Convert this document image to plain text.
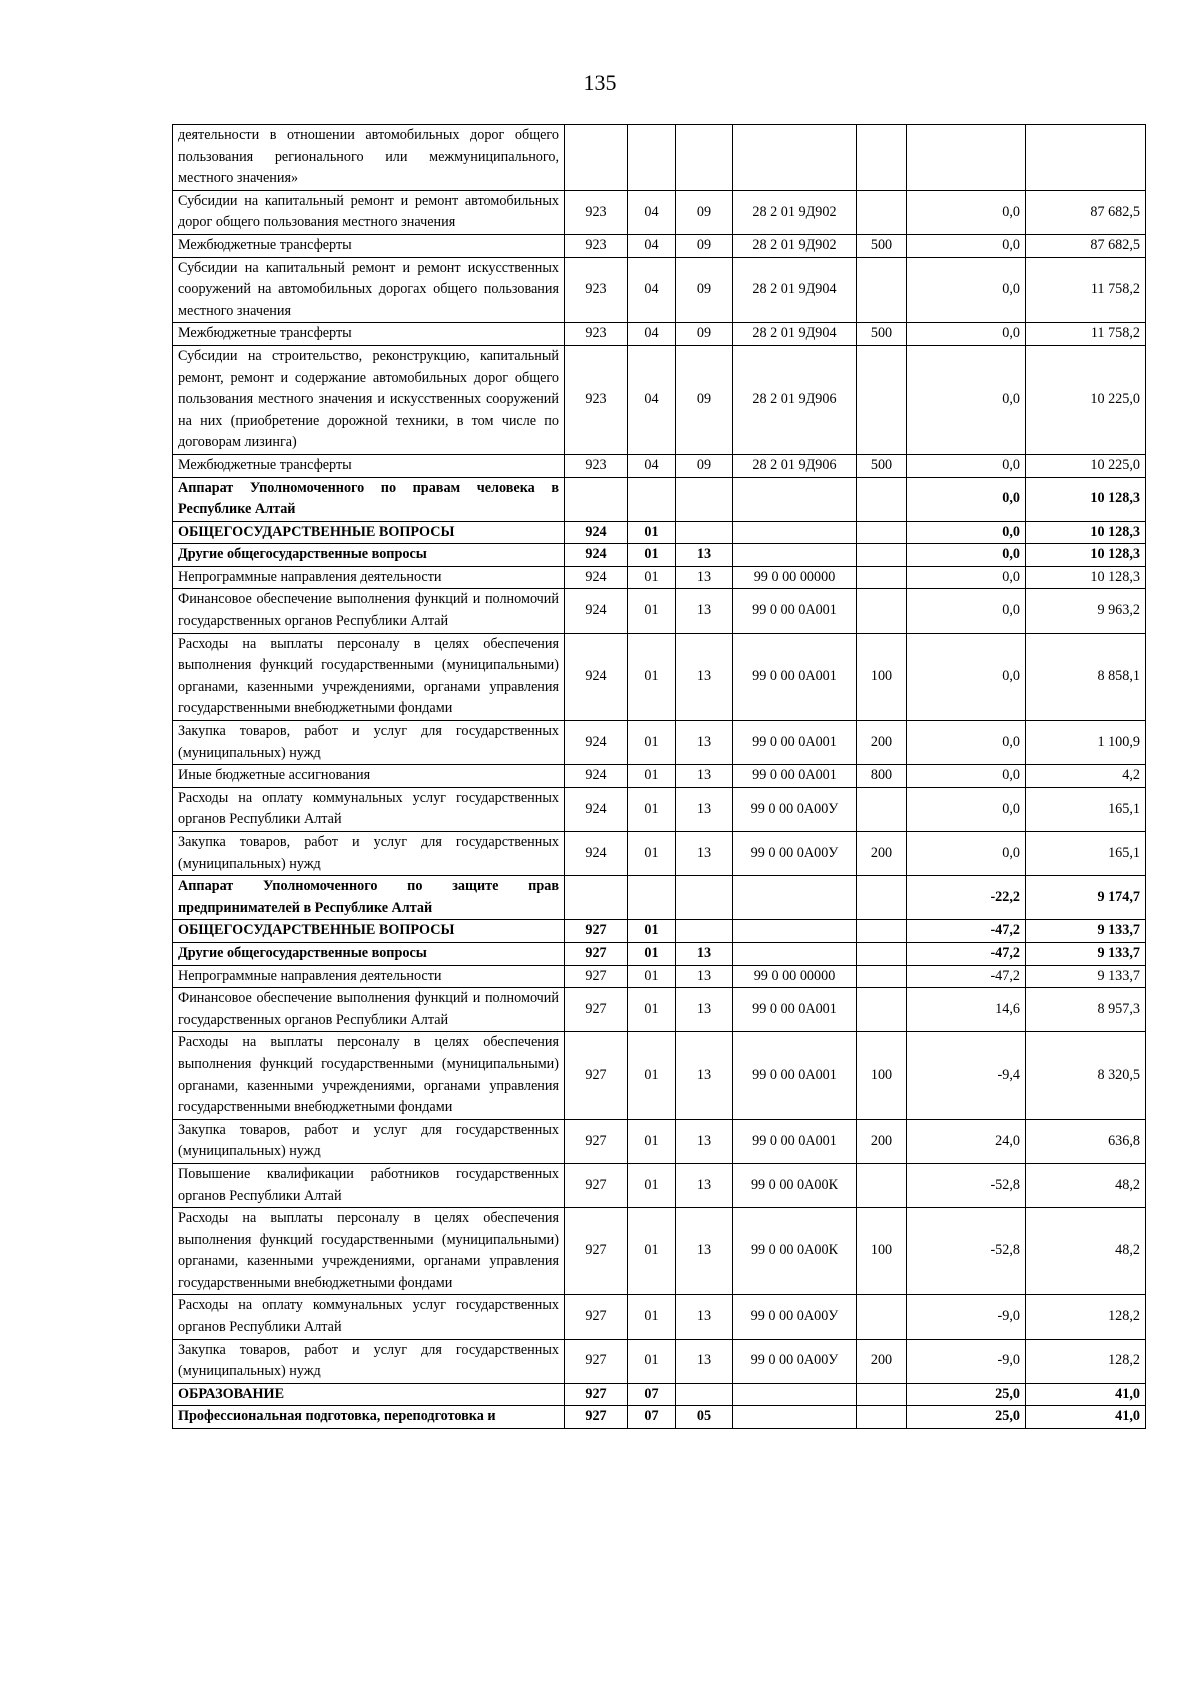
135
деятельности в отношении автомобильных дорог общего пользования регионального или межмуниципального, местного значения»							
Субсидии на капитальный ремонт и ремонт автомобильных дорог общего пользования местного значения	923	04	09	28 2 01 9Д902		0,0	87 682,5
Межбюджетные трансферты	923	04	09	28 2 01 9Д902	500	0,0	87 682,5
Субсидии на капитальный ремонт и ремонт искусственных сооружений на автомобильных дорогах общего пользования местного значения	923	04	09	28 2 01 9Д904		0,0	11 758,2
Межбюджетные трансферты	923	04	09	28 2 01 9Д904	500	0,0	11 758,2
Субсидии на строительство, реконструкцию, капитальный ремонт, ремонт и содержание автомобильных дорог общего пользования местного значения и искусственных сооружений на них (приобретение дорожной техники, в том числе по договорам лизинга)	923	04	09	28 2 01 9Д906		0,0	10 225,0
Межбюджетные трансферты	923	04	09	28 2 01 9Д906	500	0,0	10 225,0
Аппарат Уполномоченного по правам человека в Республике Алтай						0,0	10 128,3
ОБЩЕГОСУДАРСТВЕННЫЕ ВОПРОСЫ	924	01				0,0	10 128,3
Другие общегосударственные вопросы	924	01	13			0,0	10 128,3
Непрограммные направления деятельности	924	01	13	99 0 00 00000		0,0	10 128,3
Финансовое обеспечение выполнения функций и полномочий государственных органов Республики Алтай	924	01	13	99 0 00 0А001		0,0	9 963,2
Расходы на выплаты персоналу в целях обеспечения выполнения функций государственными (муниципальными) органами, казенными учреждениями, органами управления государственными внебюджетными фондами	924	01	13	99 0 00 0А001	100	0,0	8 858,1
Закупка товаров, работ и услуг для государственных (муниципальных) нужд	924	01	13	99 0 00 0А001	200	0,0	1 100,9
Иные бюджетные ассигнования	924	01	13	99 0 00 0А001	800	0,0	4,2
Расходы на оплату коммунальных услуг государственных органов Республики Алтай	924	01	13	99 0 00 0А00У		0,0	165,1
Закупка товаров, работ и услуг для государственных (муниципальных) нужд	924	01	13	99 0 00 0А00У	200	0,0	165,1
Аппарат Уполномоченного по защите прав предпринимателей в Республике Алтай						-22,2	9 174,7
ОБЩЕГОСУДАРСТВЕННЫЕ ВОПРОСЫ	927	01				-47,2	9 133,7
Другие общегосударственные вопросы	927	01	13			-47,2	9 133,7
Непрограммные направления деятельности	927	01	13	99 0 00 00000		-47,2	9 133,7
Финансовое обеспечение выполнения функций и полномочий государственных органов Республики Алтай	927	01	13	99 0 00 0А001		14,6	8 957,3
Расходы на выплаты персоналу в целях обеспечения выполнения функций государственными (муниципальными) органами, казенными учреждениями, органами управления государственными внебюджетными фондами	927	01	13	99 0 00 0А001	100	-9,4	8 320,5
Закупка товаров, работ и услуг для государственных (муниципальных) нужд	927	01	13	99 0 00 0А001	200	24,0	636,8
Повышение квалификации работников государственных органов Республики Алтай	927	01	13	99 0 00 0А00К		-52,8	48,2
Расходы на выплаты персоналу в целях обеспечения выполнения функций государственными (муниципальными) органами, казенными учреждениями, органами управления государственными внебюджетными фондами	927	01	13	99 0 00 0А00К	100	-52,8	48,2
Расходы на оплату коммунальных услуг государственных органов Республики Алтай	927	01	13	99 0 00 0А00У		-9,0	128,2
Закупка товаров, работ и услуг для государственных (муниципальных) нужд	927	01	13	99 0 00 0А00У	200	-9,0	128,2
ОБРАЗОВАНИЕ	927	07				25,0	41,0
Профессиональная подготовка, переподготовка и	927	07	05			25,0	41,0
